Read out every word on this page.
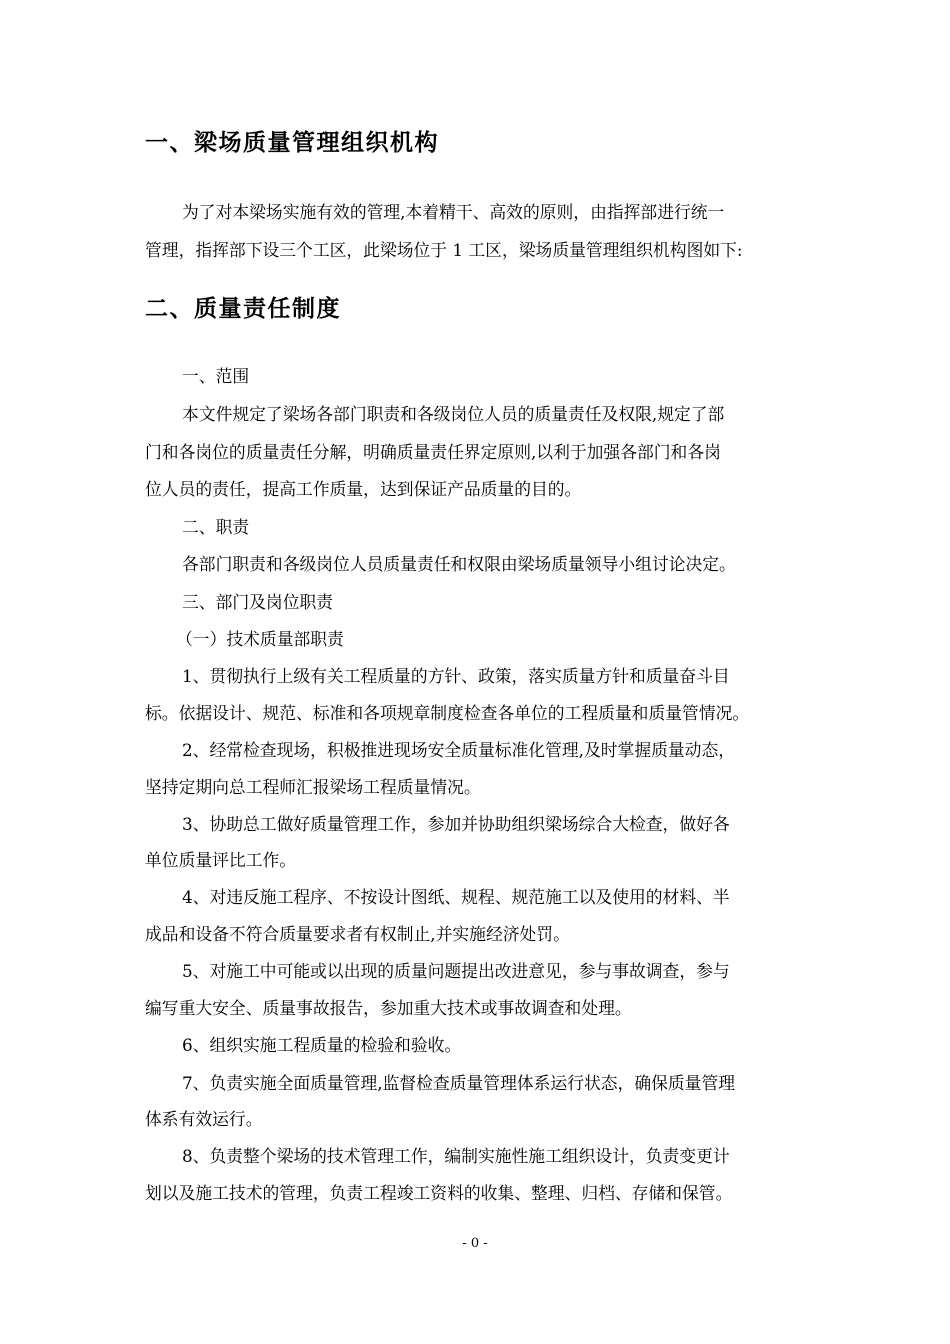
一、梁场质量管理组织机构

为了对本梁场实施有效的管理,本着精干、高效的原则，由指挥部进行统一

管理，指挥部下设三个工区，此梁场位于 1 工区，梁场质量管理组织机构图如下:

二、质量责任制度

一、范围

本文件规定了梁场各部门职责和各级岗位人员的质量责任及权限,规定了部

门和各岗位的质量责任分解，明确质量责任界定原则,以利于加强各部门和各岗

位人员的责任，提高工作质量，达到保证产品质量的目的。

二、职责

各部门职责和各级岗位人员质量责任和权限由梁场质量领导小组讨论决定。

三、部门及岗位职责

（一）技术质量部职责

1、贯彻执行上级有关工程质量的方针、政策，落实质量方针和质量奋斗目

标。依据设计、规范、标准和各项规章制度检查各单位的工程质量和质量管情况。

2、经常检查现场，积极推进现场安全质量标准化管理,及时掌握质量动态，

坚持定期向总工程师汇报梁场工程质量情况。

3、协助总工做好质量管理工作，参加并协助组织梁场综合大检查，做好各

单位质量评比工作。

4、对违反施工程序、不按设计图纸、规程、规范施工以及使用的材料、半

成品和设备不符合质量要求者有权制止,并实施经济处罚。

5、对施工中可能或以出现的质量问题提出改进意见，参与事故调查，参与

编写重大安全、质量事故报告，参加重大技术或事故调查和处理。

6、组织实施工程质量的检验和验收。

7、负责实施全面质量管理,监督检查质量管理体系运行状态，确保质量管理

体系有效运行。

8、负责整个梁场的技术管理工作，编制实施性施工组织设计，负责变更计

划以及施工技术的管理，负责工程竣工资料的收集、整理、归档、存储和保管。

- 0 -
